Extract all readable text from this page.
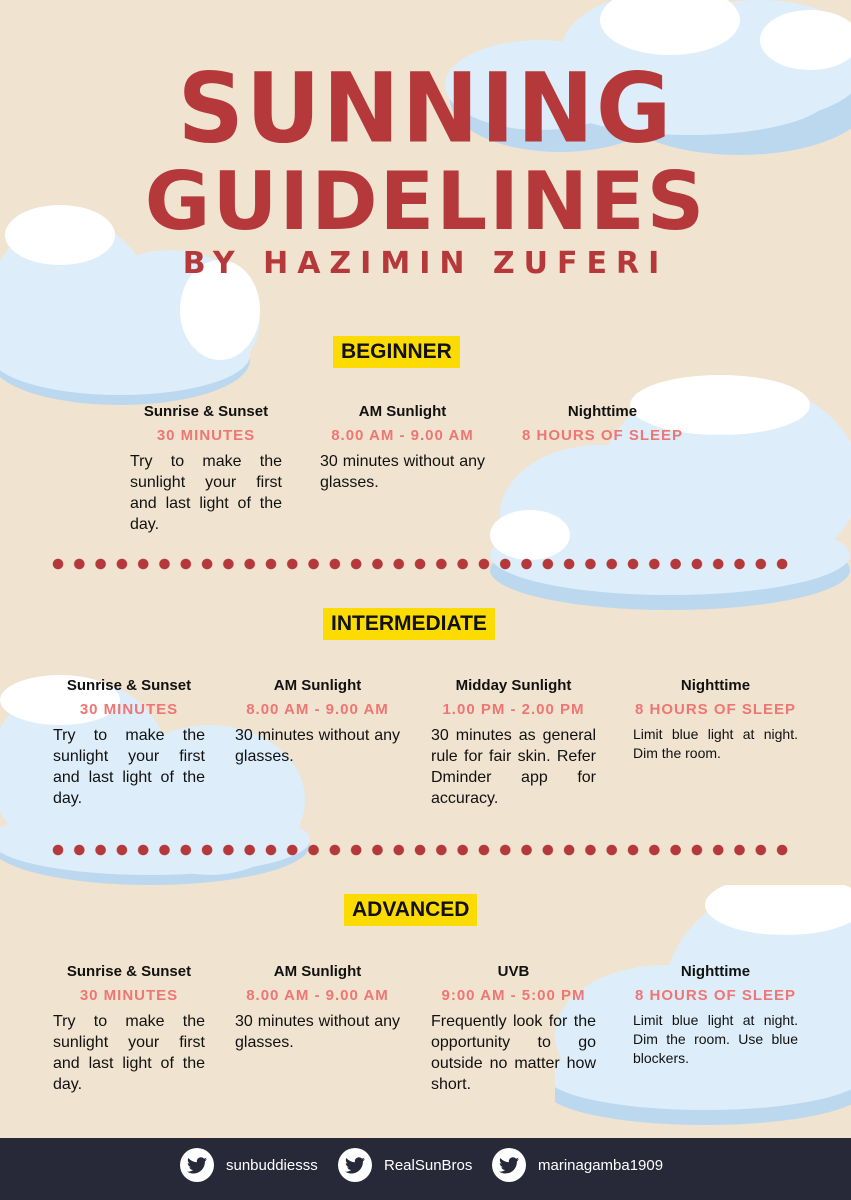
SUNNING
GUIDELINES
BY HAZIMIN ZUFERI
BEGINNER
Sunrise & Sunset
30 MINUTES
Try to make the sunlight your first and last light of the day.
AM Sunlight
8.00 AM - 9.00 AM
30 minutes without any glasses.
Nighttime
8 HOURS OF SLEEP
INTERMEDIATE
Sunrise & Sunset
30 MINUTES
Try to make the sunlight your first and last light of the day.
AM Sunlight
8.00 AM - 9.00 AM
30 minutes without any glasses.
Midday Sunlight
1.00 PM - 2.00 PM
30 minutes as general rule for fair skin. Refer Dminder app for accuracy.
Nighttime
8 HOURS OF SLEEP
Limit blue light at night. Dim the room.
ADVANCED
Sunrise & Sunset
30 MINUTES
Try to make the sunlight your first and last light of the day.
AM Sunlight
8.00 AM - 9.00 AM
30 minutes without any glasses.
UVB
9:00 AM - 5:00 PM
Frequently look for the opportunity to go outside no matter how short.
Nighttime
8 HOURS OF SLEEP
Limit blue light at night. Dim the room. Use blue blockers.
sunbuddiesss	RealSunBros	marinagamba1909
